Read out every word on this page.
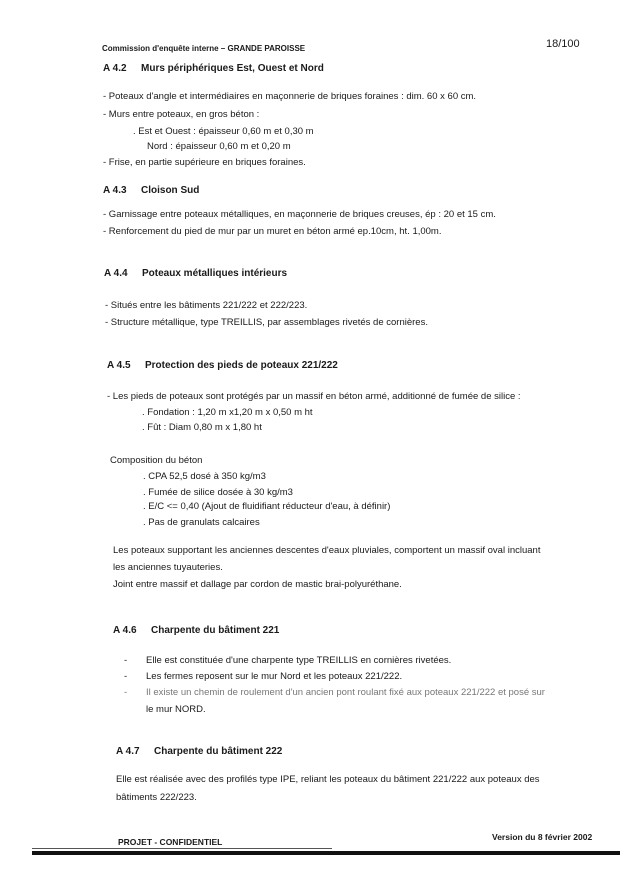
Commission d'enquête interne – GRANDE PAROISSE	18/100
A 4.2 Murs périphériques Est, Ouest et Nord
- Poteaux d'angle et intermédiaires en maçonnerie de briques foraines : dim. 60 x 60 cm.
- Murs entre poteaux, en gros béton :
. Est et Ouest : épaisseur 0,60 m et 0,30 m
Nord : épaisseur 0,60 m et 0,20 m
- Frise, en partie supérieure en briques foraines.
A 4.3 Cloison Sud
- Garnissage entre poteaux métalliques, en maçonnerie de briques creuses, ép : 20 et 15 cm.
- Renforcement du pied de mur par un muret en béton armé ep.10cm, ht. 1,00m.
A 4.4 Poteaux métalliques intérieurs
- Situés entre les bâtiments 221/222 et 222/223.
- Structure métallique, type TREILLIS, par assemblages rivetés de cornières.
A 4.5 Protection des pieds de poteaux 221/222
- Les pieds de poteaux sont protégés par un massif en béton armé, additionné de fumée de silice :
. Fondation : 1,20 m x1,20 m x 0,50 m ht
. Fût : Diam 0,80 m x 1,80 ht
Composition du béton
. CPA 52,5 dosé à 350 kg/m3
. Fumée de silice dosée à 30 kg/m3
. E/C <= 0,40 (Ajout de fluidifiant réducteur d'eau, à définir)
. Pas de granulats calcaires
Les poteaux supportant les anciennes descentes d'eaux pluviales, comportent un massif oval incluant
les anciennes tuyauteries.
Joint entre massif et dallage par cordon de mastic brai-polyuréthane.
A 4.6 Charpente du bâtiment 221
- Elle est constituée d'une charpente type TREILLIS en cornières rivetées.
- Les fermes reposent sur le mur Nord et les poteaux 221/222.
- Il existe un chemin de roulement d'un ancien pont roulant fixé aux poteaux 221/222 et posé sur
le mur NORD.
A 4.7 Charpente du bâtiment 222
Elle est réalisée avec des profilés type IPE, reliant les poteaux du bâtiment 221/222 aux poteaux des
bâtiments 222/223.
PROJET - CONFIDENTIEL	Version du 8 février 2002
